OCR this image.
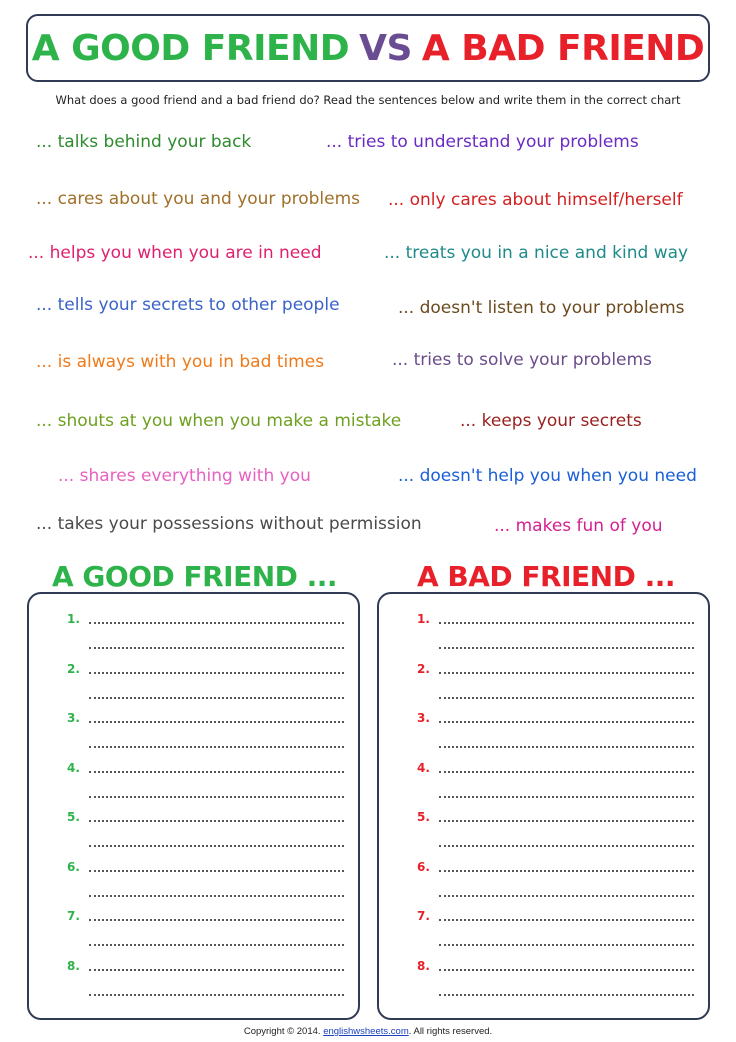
A GOOD FRIEND VS A BAD FRIEND
What does a good friend and a bad friend do? Read the sentences below and write them in the correct chart
... talks behind your back	... tries to understand your problems
... cares about you and your problems ... only cares about himself/herself
... helps you when you are in need	... treats you in a nice and kind way
... tells your secrets to other people	... doesn't listen to your problems
... is always with you in bad times	... tries to solve your problems
... shouts at you when you make a mistake	... keeps your secrets
... shares everything with you	... doesn't help you when you need
... takes your possessions without permission	... makes fun of you
A GOOD FRIEND ...	A BAD FRIEND ...
1.
2.
3.
4.
5.
6.
7.
8.
1.
2.
3.
4.
5.
6.
7.
8.
Copyright © 2014. englishwsheets.com. All rights reserved.
